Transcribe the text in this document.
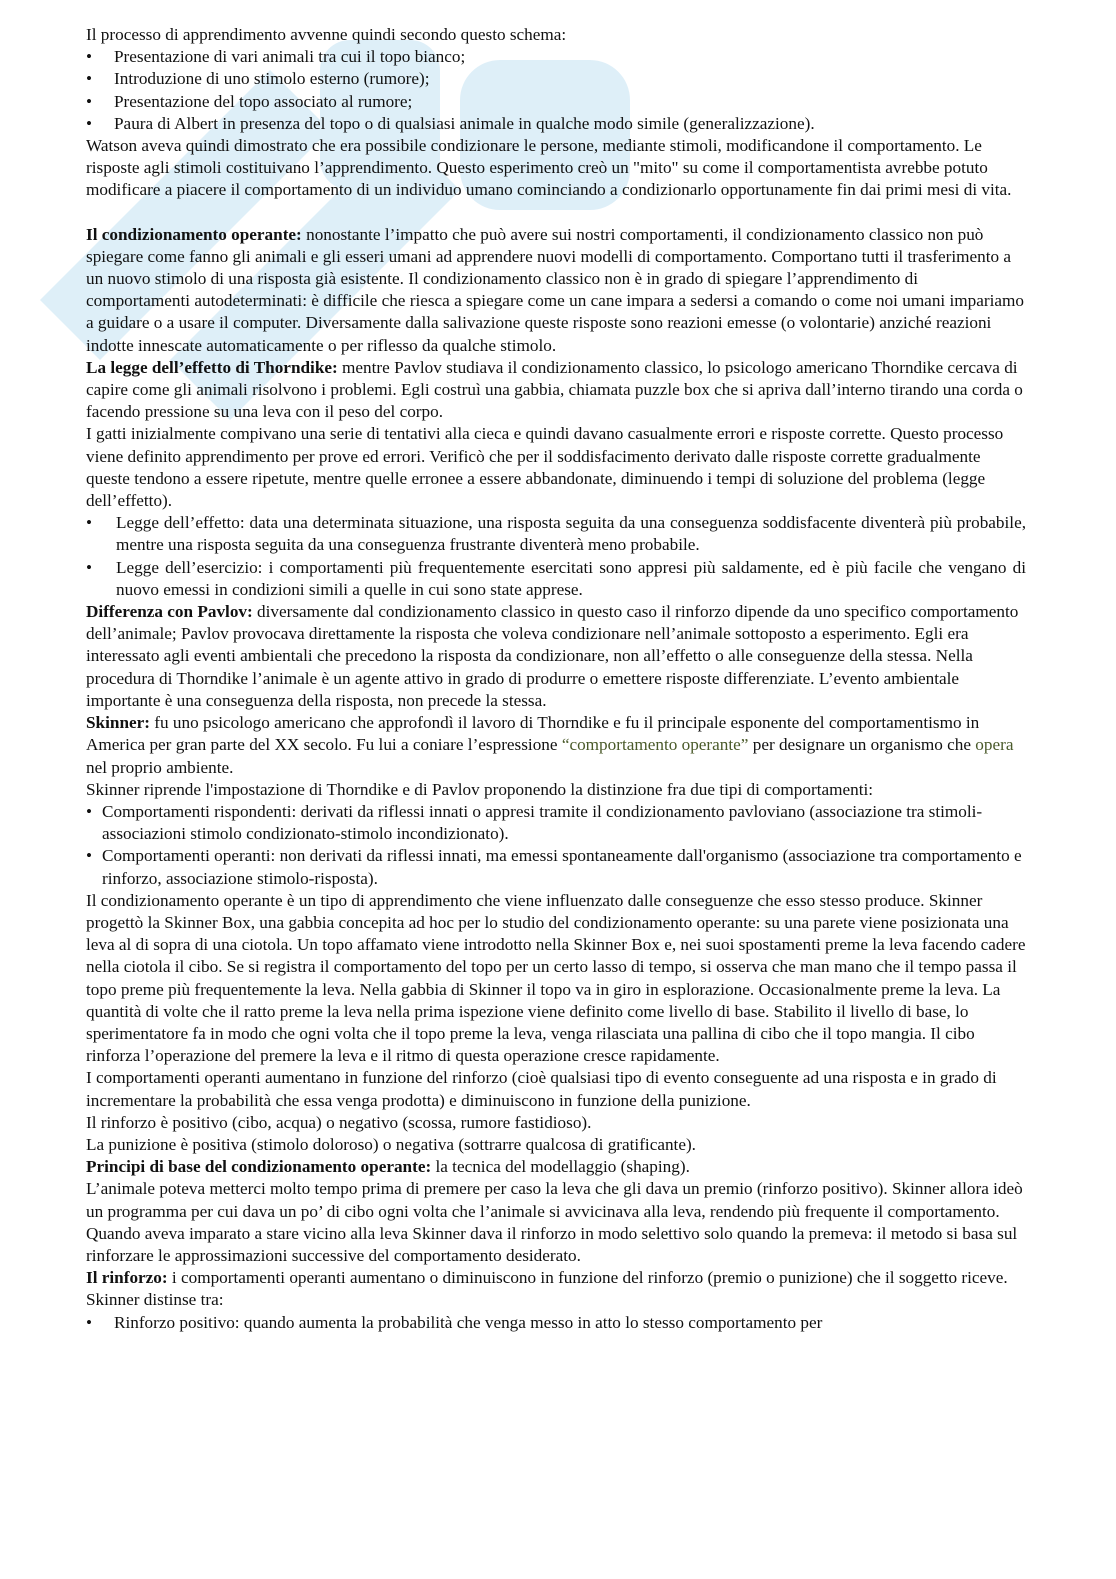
Il processo di apprendimento avvenne quindi secondo questo schema:

•	Presentazione di vari animali tra cui il topo bianco;
•	Introduzione di uno stimolo esterno (rumore);
•	Presentazione del topo associato al rumore;
•	Paura di Albert in presenza del topo o di qualsiasi animale in qualche modo simile (generalizzazione).

Watson aveva quindi dimostrato che era possibile condizionare le persone, mediante stimoli, modificandone il comportamento. Le risposte agli stimoli costituivano l’apprendimento. Questo esperimento creò un "mito" su come il comportamentista avrebbe potuto modificare a piacere il comportamento di un individuo umano cominciando a condizionarlo opportunamente fin dai primi mesi di vita.

Il condizionamento operante: nonostante l’impatto che può avere sui nostri comportamenti, il condizionamento classico non può spiegare come fanno gli animali e gli esseri umani ad apprendere nuovi modelli di comportamento. Comportano tutti il trasferimento a un nuovo stimolo di una risposta già esistente. Il condizionamento classico non è in grado di spiegare l’apprendimento di comportamenti autodeterminati: è difficile che riesca a spiegare come un cane impara a sedersi a comando o come noi umani impariamo a guidare o a usare il computer. Diversamente dalla salivazione queste risposte sono reazioni emesse (o volontarie) anziché reazioni indotte innescate automaticamente o per riflesso da qualche stimolo.

La legge dell’effetto di Thorndike: mentre Pavlov studiava il condizionamento classico, lo psicologo americano Thorndike cercava di capire come gli animali risolvono i problemi. Egli costruì una gabbia, chiamata puzzle box che si apriva dall’interno tirando una corda o facendo pressione su una leva con il peso del corpo.

I gatti inizialmente compivano una serie di tentativi alla cieca e quindi davano casualmente errori e risposte corrette. Questo processo viene definito apprendimento per prove ed errori. Verificò che per il soddisfacimento derivato dalle risposte corrette gradualmente queste tendono a essere ripetute, mentre quelle erronee a essere abbandonate, diminuendo i tempi di soluzione del problema (legge dell’effetto).

•	Legge dell’effetto: data una determinata situazione, una risposta seguita da una conseguenza soddisfacente diventerà più probabile, mentre una risposta seguita da una conseguenza frustrante diventerà meno probabile.
•	Legge dell’esercizio: i comportamenti più frequentemente esercitati sono appresi più saldamente, ed è più facile che vengano di nuovo emessi in condizioni simili a quelle in cui sono state apprese.

Differenza con Pavlov: diversamente dal condizionamento classico in questo caso il rinforzo dipende da uno specifico comportamento dell’animale; Pavlov provocava direttamente la risposta che voleva condizionare nell’animale sottoposto a esperimento. Egli era interessato agli eventi ambientali che precedono la risposta da condizionare, non all’effetto o alle conseguenze della stessa. Nella procedura di Thorndike l’animale è un agente attivo in grado di produrre o emettere risposte differenziate. L’evento ambientale importante è una conseguenza della risposta, non precede la stessa.

Skinner: fu uno psicologo americano che approfondì il lavoro di Thorndike e fu il principale esponente del comportamentismo in America per gran parte del XX secolo. Fu lui a coniare l’espressione “comportamento operante” per designare un organismo che opera nel proprio ambiente.

Skinner riprende l'impostazione di Thorndike e di Pavlov proponendo la distinzione fra due tipi di comportamenti:

• Comportamenti rispondenti: derivati da riflessi innati o appresi tramite il condizionamento pavloviano (associazione tra stimoli-associazioni stimolo condizionato-stimolo incondizionato).
• Comportamenti operanti: non derivati da riflessi innati, ma emessi spontaneamente dall'organismo (associazione tra comportamento e rinforzo, associazione stimolo-risposta).

Il condizionamento operante è un tipo di apprendimento che viene influenzato dalle conseguenze che esso stesso produce. Skinner progettò la Skinner Box, una gabbia concepita ad hoc per lo studio del condizionamento operante: su una parete viene posizionata una leva al di sopra di una ciotola. Un topo affamato viene introdotto nella Skinner Box e, nei suoi spostamenti preme la leva facendo cadere nella ciotola il cibo. Se si registra il comportamento del topo per un certo lasso di tempo, si osserva che man mano che il tempo passa il topo preme più frequentemente la leva. Nella gabbia di Skinner il topo va in giro in esplorazione. Occasionalmente preme la leva. La quantità di volte che il ratto preme la leva nella prima ispezione viene definito come livello di base. Stabilito il livello di base, lo sperimentatore fa in modo che ogni volta che il topo preme la leva, venga rilasciata una pallina di cibo che il topo mangia. Il cibo rinforza l’operazione del premere la leva e il ritmo di questa operazione cresce rapidamente.

I comportamenti operanti aumentano in funzione del rinforzo (cioè qualsiasi tipo di evento conseguente ad una risposta e in grado di incrementare la probabilità che essa venga prodotta) e diminuiscono in funzione della punizione.

Il rinforzo è positivo (cibo, acqua) o negativo (scossa, rumore fastidioso).

La punizione è positiva (stimolo doloroso) o negativa (sottrarre qualcosa di gratificante).

Principi di base del condizionamento operante: la tecnica del modellaggio (shaping).

L’animale poteva metterci molto tempo prima di premere per caso la leva che gli dava un premio (rinforzo positivo). Skinner allora ideò un programma per cui dava un po’ di cibo ogni volta che l’animale si avvicinava alla leva, rendendo più frequente il comportamento. Quando aveva imparato a stare vicino alla leva Skinner dava il rinforzo in modo selettivo solo quando la premeva: il metodo si basa sul rinforzare le approssimazioni successive del comportamento desiderato.

Il rinforzo: i comportamenti operanti aumentano o diminuiscono in funzione del rinforzo (premio o punizione) che il soggetto riceve. Skinner distinse tra:

•	Rinforzo positivo: quando aumenta la probabilità che venga messo in atto lo stesso comportamento per
